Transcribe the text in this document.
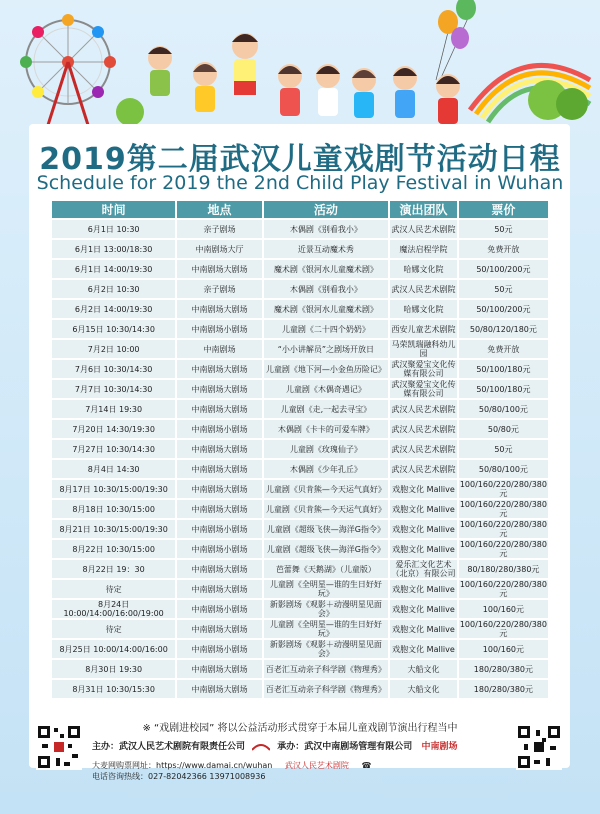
2019第二届武汉儿童戏剧节活动日程
Schedule for 2019 the 2nd Child Play Festival in Wuhan
时间	地点	活动	演出团队	票价
6月1日 10:30	亲子剧场	木偶剧《别看我小》	武汉人民艺术剧院	50元
6月1日 13:00/18:30	中南剧场大厅	近景互动魔术秀	魔法启程学院	免费开放
6月1日 14:00/19:30	中南剧场大剧场	魔术剧《银河水儿童魔术剧》	哈娜文化院	50/100/200元
6月2日 10:30	亲子剧场	木偶剧《别看我小》	武汉人民艺术剧院	50元
6月2日 14:00/19:30	中南剧场大剧场	魔术剧《银河水儿童魔术剧》	哈娜文化院	50/100/200元
6月15日 10:30/14:30	中南剧场小剧场	儿童剧《二十四个奶奶》	西安儿童艺术剧院	50/80/120/180元
7月2日 10:00	中南剧场	“小小讲解员”之剧场开放日	马荣凯瑞融科幼儿园	免费开放
7月6日 10:30/14:30	中南剧场大剧场	儿童剧《地下河—小金鱼历险记》	武汉聚爱宝文化传媒有限公司	50/100/180元
7月7日 10:30/14:30	中南剧场大剧场	儿童剧《木偶奇遇记》	武汉聚爱宝文化传媒有限公司	50/100/180元
7月14日 19:30	中南剧场大剧场	儿童剧《走,一起去寻宝》	武汉人民艺术剧院	50/80/100元
7月20日 14:30/19:30	中南剧场小剧场	木偶剧《卡卡的可爱车牌》	武汉人民艺术剧院	50/80元
7月27日 10:30/14:30	中南剧场大剧场	儿童剧《玫瑰仙子》	武汉人民艺术剧院	50元
8月4日 14:30	中南剧场大剧场	木偶剧《少年孔丘》	武汉人民艺术剧院	50/80/100元
8月17日 10:30/15:00/19:30	中南剧场大剧场	儿童剧《贝肯熊—今天运气真好》	戏胞文化 Mallive	100/160/220/280/380元
8月18日 10:30/15:00	中南剧场大剧场	儿童剧《贝肯熊—今天运气真好》	戏胞文化 Mallive	100/160/220/280/380元
8月21日 10:30/15:00/19:30	中南剧场小剧场	儿童剧《超级飞侠—海洋G指令》	戏胞文化 Mallive	100/160/220/280/380元
8月22日 10:30/15:00	中南剧场小剧场	儿童剧《超级飞侠—海洋G指令》	戏胞文化 Mallive	100/160/220/280/380元
8月22日 19：30	中南剧场大剧场	芭蕾舞《天鹅湖》（儿童版）	爱乐汇文化艺术（北京）有限公司	80/180/280/380元
待定	中南剧场大剧场	儿童剧《全明星—谁的生日好好玩》	戏胞文化 Mallive	100/160/220/280/380元
8月24日 10:00/14:00/16:00/19:00	中南剧场小剧场	新影剧场《观影＋动漫明星见面会》	戏胞文化 Mallive	100/160元
待定	中南剧场大剧场	儿童剧《全明星—谁的生日好好玩》	戏胞文化 Mallive	100/160/220/280/380元
8月25日 10:00/14:00/16:00	中南剧场小剧场	新影剧场《观影＋动漫明星见面会》	戏胞文化 Mallive	100/160元
8月30日 19:30	中南剧场大剧场	百老汇互动亲子科学剧《物理秀》	大船文化	180/280/380元
8月31日 10:30/15:30	中南剧场大剧场	百老汇互动亲子科学剧《物理秀》	大船文化	180/280/380元
※ “戏剧进校园” 将以公益活动形式贯穿于本届儿童戏剧节演出行程当中
主办：武汉人民艺术剧院有限责任公司	承办：武汉中南剧场管理有限公司 中南剧场
大麦网购票网址：https://www.damai.cn/wuhan 武汉人民艺术剧院 ☎ 电话咨询热线：027-82042366 13971008936
